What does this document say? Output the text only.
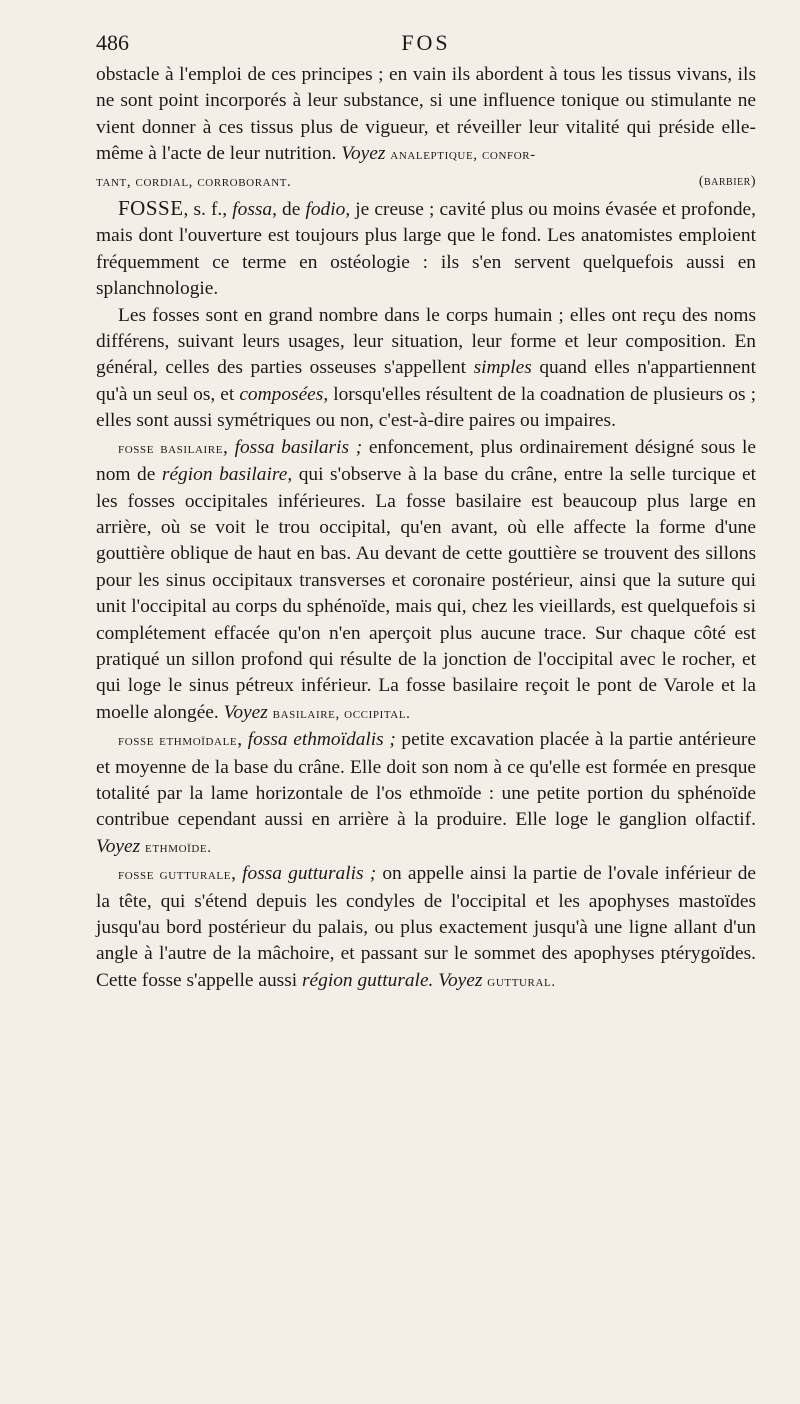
486	FOS

obstacle à l'emploi de ces principes ; en vain ils abordent à tous les tissus vivans, ils ne sont point incorporés à leur substance, si une influence tonique ou stimulante ne vient donner à ces tissus plus de vigueur, et réveiller leur vitalité qui préside elle-même à l'acte de leur nutrition. Voyez analeptique, confor-

tant, cordial, corroborant.	(barbier)

FOSSE, s. f., fossa, de fodio, je creuse ; cavité plus ou moins évasée et profonde, mais dont l'ouverture est toujours plus large que le fond. Les anatomistes emploient fréquemment ce terme en ostéologie : ils s'en servent quelquefois aussi en splanchnologie.

Les fosses sont en grand nombre dans le corps humain ; elles ont reçu des noms différens, suivant leurs usages, leur situation, leur forme et leur composition. En général, celles des parties osseuses s'appellent simples quand elles n'appartiennent qu'à un seul os, et composées, lorsqu'elles résultent de la coadnation de plusieurs os ; elles sont aussi symétriques ou non, c'est-à-dire paires ou impaires.

fosse basilaire, fossa basilaris ; enfoncement, plus ordinairement désigné sous le nom de région basilaire, qui s'observe à la base du crâne, entre la selle turcique et les fosses occipitales inférieures. La fosse basilaire est beaucoup plus large en arrière, où se voit le trou occipital, qu'en avant, où elle affecte la forme d'une gouttière oblique de haut en bas. Au devant de cette gouttière se trouvent des sillons pour les sinus occipitaux transverses et coronaire postérieur, ainsi que la suture qui unit l'occipital au corps du sphénoïde, mais qui, chez les vieillards, est quelquefois si complétement effacée qu'on n'en aperçoit plus aucune trace. Sur chaque côté est pratiqué un sillon profond qui résulte de la jonction de l'occipital avec le rocher, et qui loge le sinus pétreux inférieur. La fosse basilaire reçoit le pont de Varole et la moelle alongée. Voyez basilaire, occipital.

fosse ethmoïdale, fossa ethmoïdalis ; petite excavation placée à la partie antérieure et moyenne de la base du crâne. Elle doit son nom à ce qu'elle est formée en presque totalité par la lame horizontale de l'os ethmoïde : une petite portion du sphénoïde contribue cependant aussi en arrière à la produire. Elle loge le ganglion olfactif. Voyez ethmoïde.

fosse gutturale, fossa gutturalis ; on appelle ainsi la partie de l'ovale inférieur de la tête, qui s'étend depuis les condyles de l'occipital et les apophyses mastoïdes jusqu'au bord postérieur du palais, ou plus exactement jusqu'à une ligne allant d'un angle à l'autre de la mâchoire, et passant sur le sommet des apophyses ptérygoïdes. Cette fosse s'appelle aussi région gutturale. Voyez guttural.
